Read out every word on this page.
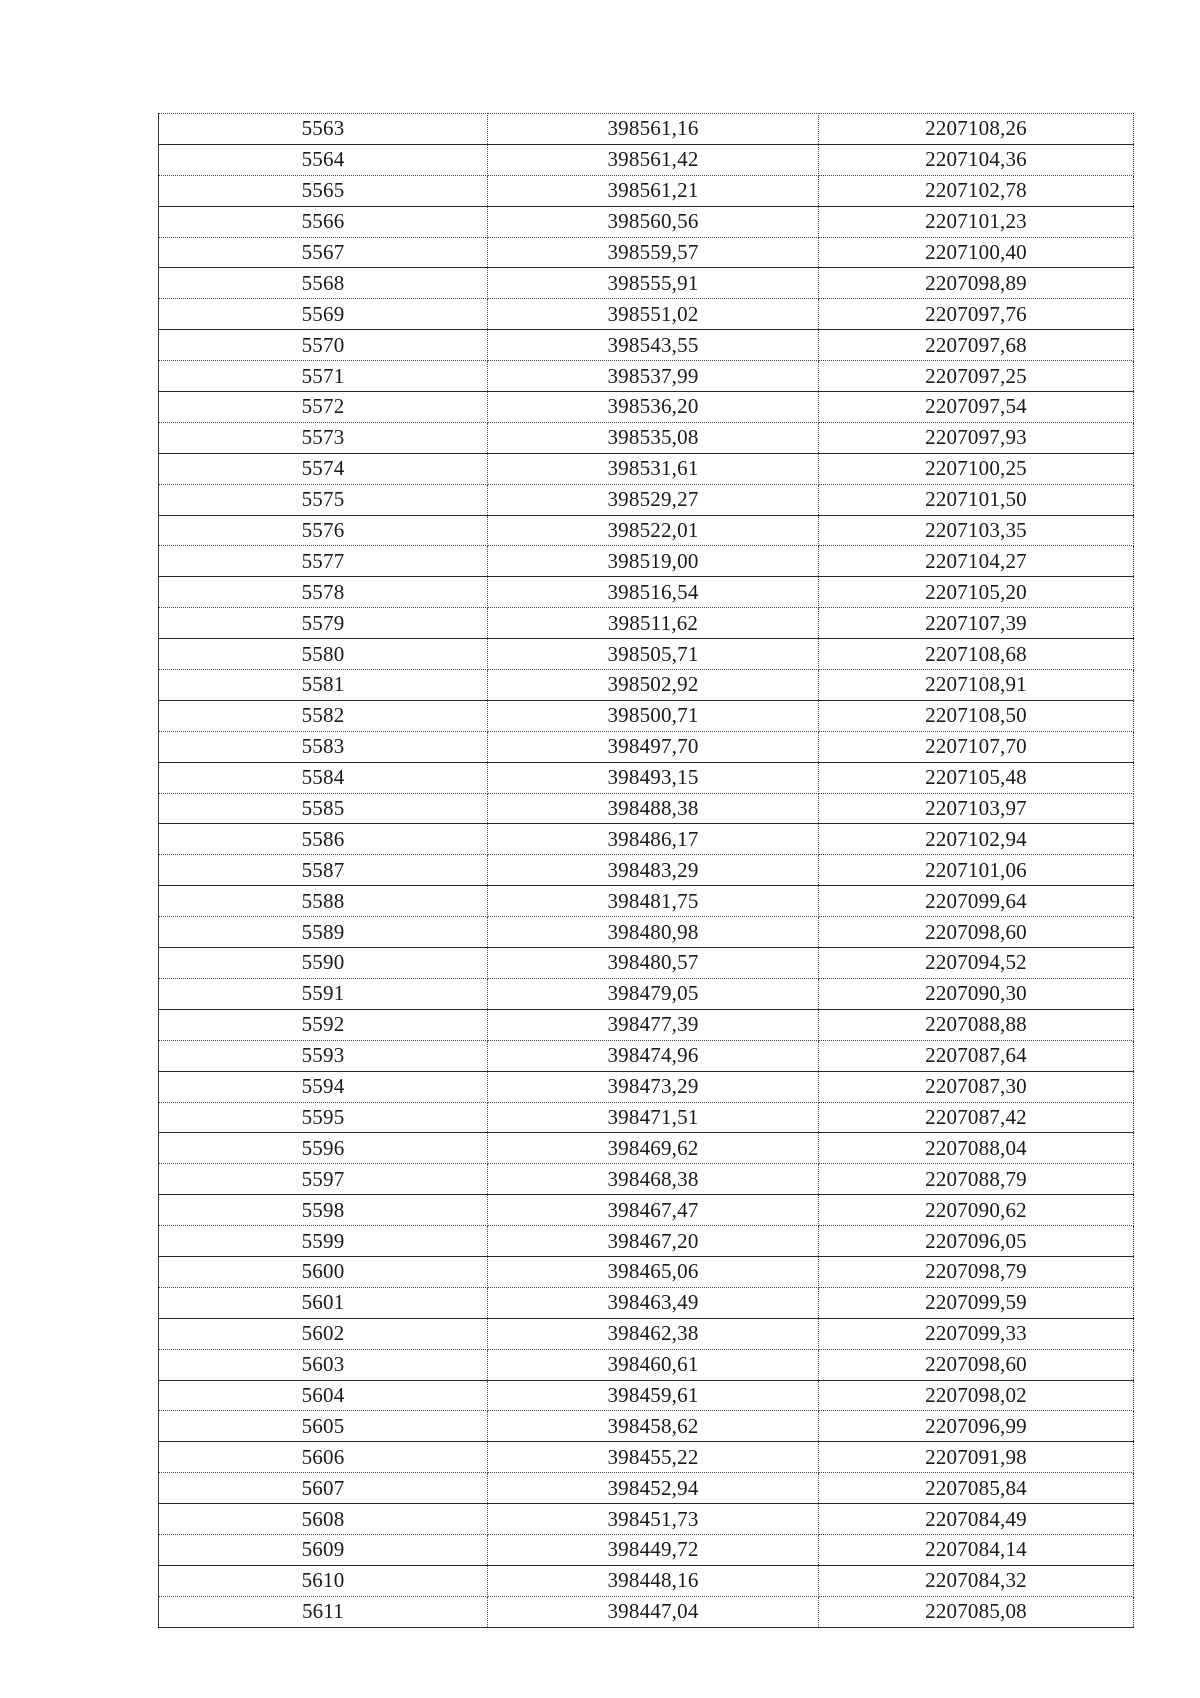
5563	398561,16	2207108,26
5564	398561,42	2207104,36
5565	398561,21	2207102,78
5566	398560,56	2207101,23
5567	398559,57	2207100,40
5568	398555,91	2207098,89
5569	398551,02	2207097,76
5570	398543,55	2207097,68
5571	398537,99	2207097,25
5572	398536,20	2207097,54
5573	398535,08	2207097,93
5574	398531,61	2207100,25
5575	398529,27	2207101,50
5576	398522,01	2207103,35
5577	398519,00	2207104,27
5578	398516,54	2207105,20
5579	398511,62	2207107,39
5580	398505,71	2207108,68
5581	398502,92	2207108,91
5582	398500,71	2207108,50
5583	398497,70	2207107,70
5584	398493,15	2207105,48
5585	398488,38	2207103,97
5586	398486,17	2207102,94
5587	398483,29	2207101,06
5588	398481,75	2207099,64
5589	398480,98	2207098,60
5590	398480,57	2207094,52
5591	398479,05	2207090,30
5592	398477,39	2207088,88
5593	398474,96	2207087,64
5594	398473,29	2207087,30
5595	398471,51	2207087,42
5596	398469,62	2207088,04
5597	398468,38	2207088,79
5598	398467,47	2207090,62
5599	398467,20	2207096,05
5600	398465,06	2207098,79
5601	398463,49	2207099,59
5602	398462,38	2207099,33
5603	398460,61	2207098,60
5604	398459,61	2207098,02
5605	398458,62	2207096,99
5606	398455,22	2207091,98
5607	398452,94	2207085,84
5608	398451,73	2207084,49
5609	398449,72	2207084,14
5610	398448,16	2207084,32
5611	398447,04	2207085,08
